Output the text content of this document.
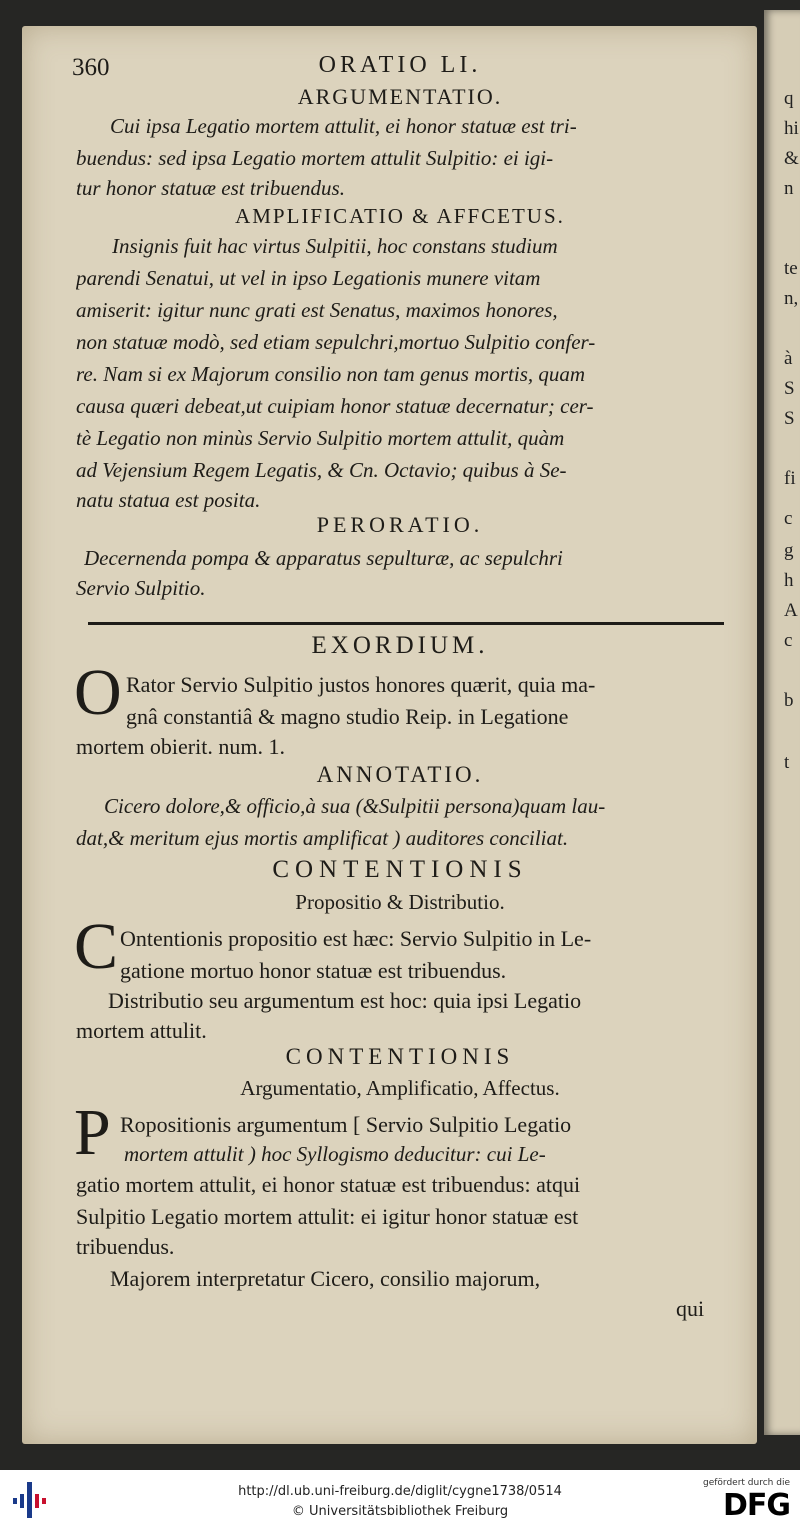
q
hi
&
n
te
n,
à
S
S
fi
c
g
h
A
c
b
t
360	ORATIO LI.
ARGUMENTATIO.
Cui ipsa Legatio mortem attulit, ei honor statuæ est tri-
buendus: sed ipsa Legatio mortem attulit Sulpitio: ei igi-
tur honor statuæ est tribuendus.
AMPLIFICATIO & AFFCETUS.
Insignis fuit hac virtus Sulpitii, hoc constans studium
parendi Senatui, ut vel in ipso Legationis munere vitam
amiserit: igitur nunc grati est Senatus, maximos honores,
non statuæ modò, sed etiam sepulchri,mortuo Sulpitio confer-
re. Nam si ex Majorum consilio non tam genus mortis, quam
causa quæri debeat,ut cuipiam honor statuæ decernatur; cer-
tè Legatio non minùs Servio Sulpitio mortem attulit, quàm
ad Vejensium Regem Legatis, & Cn. Octavio; quibus à Se-
natu statua est posita.
PERORATIO.
Decernenda pompa & apparatus sepulturæ, ac sepulchri
Servio Sulpitio.
EXORDIUM.
O Rator Servio Sulpitio justos honores quærit, quia ma-
gnâ constantiâ & magno studio Reip. in Legatione
mortem obierit. num. 1.
ANNOTATIO.
Cicero dolore,& officio,à sua (&Sulpitii persona)quam lau-
dat,& meritum ejus mortis amplificat ) auditores conciliat.
CONTENTIONIS
Propositio & Distributio.
C Ontentionis propositio est hæc: Servio Sulpitio in Le-
gatione mortuo honor statuæ est tribuendus.
Distributio seu argumentum est hoc: quia ipsi Legatio
mortem attulit.
CONTENTIONIS
Argumentatio, Amplificatio, Affectus.
P Ropositionis argumentum [ Servio Sulpitio Legatio
mortem attulit ) hoc Syllogismo deducitur: cui Le-
gatio mortem attulit, ei honor statuæ est tribuendus: atqui
Sulpitio Legatio mortem attulit: ei igitur honor statuæ est
tribuendus.
Majorem interpretatur Cicero, consilio majorum,
qui
http://dl.ub.uni-freiburg.de/diglit/cygne1738/0514
© Universitätsbibliothek Freiburg
gefördert durch die
DFG
